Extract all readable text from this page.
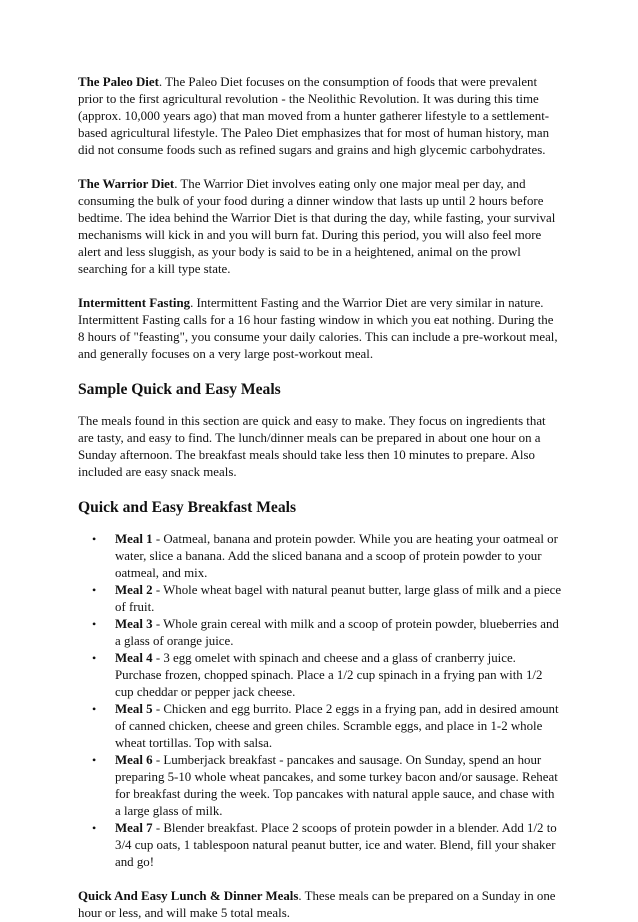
The Paleo Diet. The Paleo Diet focuses on the consumption of foods that were prevalent prior to the first agricultural revolution - the Neolithic Revolution. It was during this time (approx. 10,000 years ago) that man moved from a hunter gatherer lifestyle to a settlement-based agricultural lifestyle. The Paleo Diet emphasizes that for most of human history, man did not consume foods such as refined sugars and grains and high glycemic carbohydrates.

The Warrior Diet. The Warrior Diet involves eating only one major meal per day, and consuming the bulk of your food during a dinner window that lasts up until 2 hours before bedtime. The idea behind the Warrior Diet is that during the day, while fasting, your survival mechanisms will kick in and you will burn fat. During this period, you will also feel more alert and less sluggish, as your body is said to be in a heightened, animal on the prowl searching for a kill type state.

Intermittent Fasting. Intermittent Fasting and the Warrior Diet are very similar in nature. Intermittent Fasting calls for a 16 hour fasting window in which you eat nothing. During the 8 hours of "feasting", you consume your daily calories. This can include a pre-workout meal, and generally focuses on a very large post-workout meal.

Sample Quick and Easy Meals

The meals found in this section are quick and easy to make. They focus on ingredients that are tasty, and easy to find. The lunch/dinner meals can be prepared in about one hour on a Sunday afternoon. The breakfast meals should take less then 10 minutes to prepare. Also included are easy snack meals.

Quick and Easy Breakfast Meals
• Meal 1 - Oatmeal, banana and protein powder. While you are heating your oatmeal or water, slice a banana. Add the sliced banana and a scoop of protein powder to your oatmeal, and mix.
• Meal 2 - Whole wheat bagel with natural peanut butter, large glass of milk and a piece of fruit.
• Meal 3 - Whole grain cereal with milk and a scoop of protein powder, blueberries and a glass of orange juice.
• Meal 4 - 3 egg omelet with spinach and cheese and a glass of cranberry juice. Purchase frozen, chopped spinach. Place a 1/2 cup spinach in a frying pan with 1/2 cup cheddar or pepper jack cheese.
• Meal 5 - Chicken and egg burrito. Place 2 eggs in a frying pan, add in desired amount of canned chicken, cheese and green chiles. Scramble eggs, and place in 1-2 whole wheat tortillas. Top with salsa.
• Meal 6 - Lumberjack breakfast - pancakes and sausage. On Sunday, spend an hour preparing 5-10 whole wheat pancakes, and some turkey bacon and/or sausage. Reheat for breakfast during the week. Top pancakes with natural apple sauce, and chase with a large glass of milk.
• Meal 7 - Blender breakfast. Place 2 scoops of protein powder in a blender. Add 1/2 to 3/4 cup oats, 1 tablespoon natural peanut butter, ice and water. Blend, fill your shaker and go!

Quick And Easy Lunch & Dinner Meals. These meals can be prepared on a Sunday in one hour or less, and will make 5 total meals.
